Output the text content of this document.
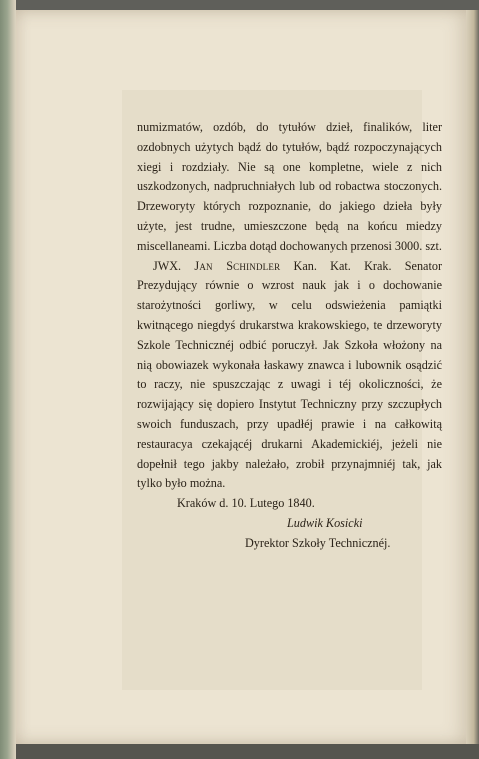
numizmatów, ozdób, do tytułów dzieł, finalików, liter ozdobnych użytych bądź do tytułów, bądź rozpoczynających xiegi i rozdziały. Nie są one kompletne, wiele z nich uszkodzonych, nadpruchniałych lub od robactwa stoczonych. Drzeworyty których rozpoznanie, do jakiego dzieła były użyte, jest trudne, umieszczone będą na końcu miedzy miscellaneami. Liczba dotąd dochowanych przenosi 3000. szt.

JWX. Jan Schindler Kan. Kat. Krak. Senator Prezydujący równie o wzrost nauk jak i o dochowanie starożytności gorliwy, w celu odswieżenia pamiątki kwitnącego niegdyś drukarstwa krakowskiego, te drzeworyty Szkole Technicznéj odbić poruczył. Jak Szkoła włożony na nią obowiazek wykonała łaskawy znawca i lubownik osądzić to raczy, nie spuszczając z uwagi i téj okoliczności, że rozwijający się dopiero Instytut Techniczny przy szczupłych swoich funduszach, przy upadłéj prawie i na całkowitą restauracya czekającéj drukarni Akademickiéj, jeżeli nie dopełnił tego jakby należało, zrobił przynajmniéj tak, jak tylko było można.

Kraków d. 10. Lutego 1840.

Ludwik Kosicki

Dyrektor Szkoły Technicznéj.
